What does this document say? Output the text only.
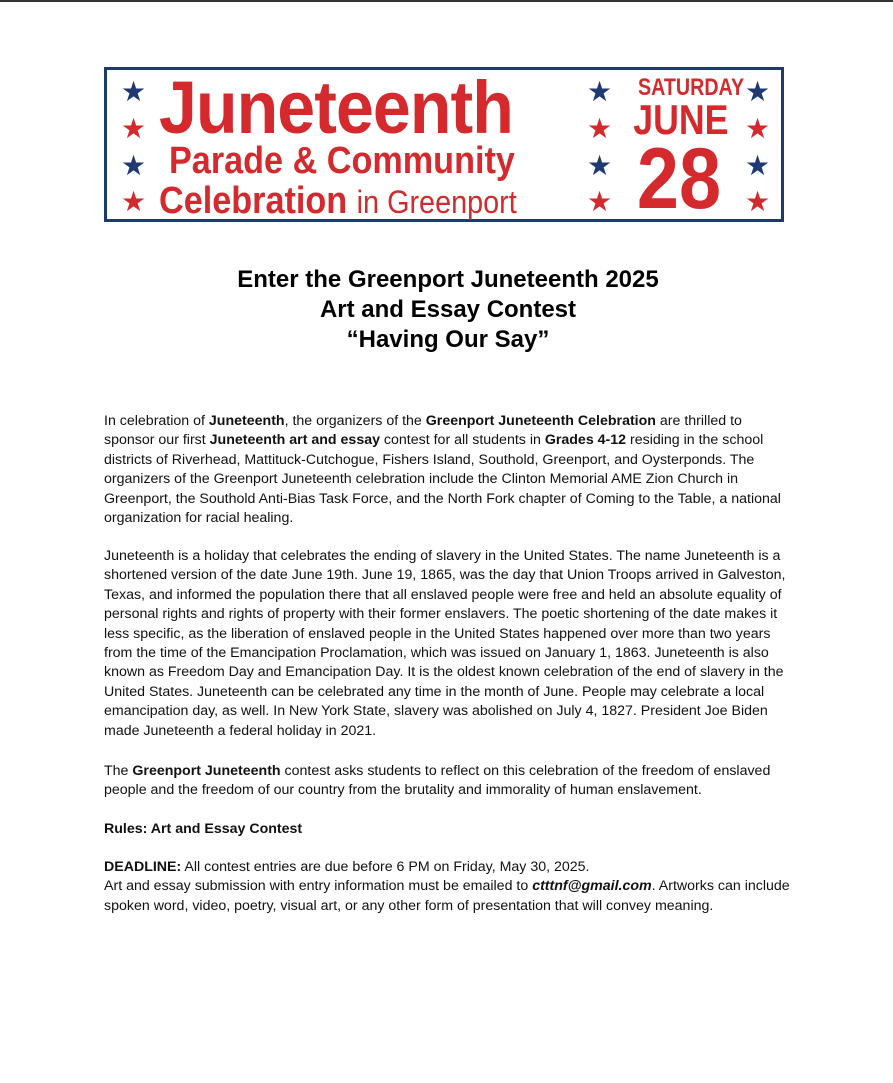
★
★
★
★
Juneteenth
Parade & Community
Celebration in Greenport
★
★
★
★
SATURDAY
JUNE
28
★
★
★
★
Enter the Greenport Juneteenth 2025
Art and Essay Contest
“Having Our Say”
In celebration of Juneteenth, the organizers of the Greenport Juneteenth Celebration are thrilled to sponsor our first Juneteenth art and essay contest for all students in Grades 4-12 residing in the school districts of Riverhead, Mattituck-Cutchogue, Fishers Island, Southold, Greenport, and Oysterponds. The organizers of the Greenport Juneteenth celebration include the Clinton Memorial AME Zion Church in Greenport, the Southold Anti-Bias Task Force, and the North Fork chapter of Coming to the Table, a national organization for racial healing.
Juneteenth is a holiday that celebrates the ending of slavery in the United States. The name Juneteenth is a shortened version of the date June 19th. June 19, 1865, was the day that Union Troops arrived in Galveston, Texas, and informed the population there that all enslaved people were free and held an absolute equality of personal rights and rights of property with their former enslavers. The poetic shortening of the date makes it less specific, as the liberation of enslaved people in the United States happened over more than two years from the time of the Emancipation Proclamation, which was issued on January 1, 1863. Juneteenth is also known as Freedom Day and Emancipation Day. It is the oldest known celebration of the end of slavery in the United States. Juneteenth can be celebrated any time in the month of June. People may celebrate a local emancipation day, as well. In New York State, slavery was abolished on July 4, 1827. President Joe Biden made Juneteenth a federal holiday in 2021.
The Greenport Juneteenth contest asks students to reflect on this celebration of the freedom of enslaved people and the freedom of our country from the brutality and immorality of human enslavement.
Rules: Art and Essay Contest
DEADLINE: All contest entries are due before 6 PM on Friday, May 30, 2025.
Art and essay submission with entry information must be emailed to ctttnf@gmail.com. Artworks can include spoken word, video, poetry, visual art, or any other form of presentation that will convey meaning.
